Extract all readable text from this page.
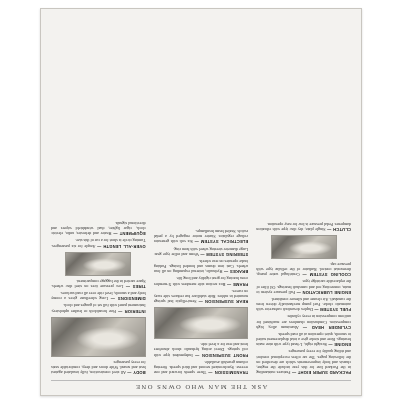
ASK THE MAN WHO OWNS ONE

PACKARD SUPER EIGHT — Features outstanding in the Packard line for this year include the engine, chassis and body improvements which are described on the following pages. The car offers exceptional comfort and riding quality for every passenger.

ENGINE — Straight eight, L-head type with nine main bearings. Bore and stroke give a total displacement suited to smooth, quiet operation at all road speeds.

CYLINDER HEAD — Aluminum alloy, high compression. Combustion chambers are machined for uniform compression in every cylinder.

FUEL SYSTEM — Duplex downdraft carburetor with automatic choke. Fuel pump mechanically driven from the camshaft. Air cleaner and silencer combined.

ENGINE LUBRICATION — Full pressure system to main, connecting rod and camshaft bearings. Oil filter of the replaceable cartridge type.

COOLING SYSTEM — Centrifugal water pump, thermostat control. Radiator of the cellular type with pressure cap.

CLUTCH — Single plate, dry disc type with vibration dampener. Pedal pressure is low for easy operation.

TRANSMISSION — Three speeds forward and one reverse. Synchronized second and third speeds. Steering column gearshift available.

FRONT SUSPENSION — Independent type with coil springs. Direct acting hydraulic shock absorbers front and rear for a level ride.

REAR SUSPENSION — Semi-elliptic leaf springs mounted in rubber. Ride stabilizer bar reduces side sway on curves.

FRAME — Box section side members with X-member cross bracing for great rigidity and long life.

BRAKES — Hydraulic, internal expanding on all four wheels. Cast iron drums and bonded linings. Parking brake operates on rear wheels.

STEERING SYSTEM — Worm and roller type gear. Large diameter steering wheel with horn ring.

ELECTRICAL SYSTEM — Six volt with generator voltage regulator. Starter motor engaged by a pedal switch. Sealed beam headlamps.

BODY — All steel construction, fully insulated against heat and sound. Wide doors and deep, comfortable seats for every passenger.

INTERIOR — Fine broadcloth or leather upholstery. Instrument panel with full set of gauges and clock.

DIMENSIONS — Long wheelbase gives a roomy body and a smooth, level ride over all road surfaces.

TIRES — Low pressure tires on steel disc wheels. Spare carried in the luggage compartment.

OVER-ALL LENGTH — Ample for six passengers. Turning circle is short for a car of this size.

EQUIPMENT — Heater and defroster, radio, electric clock, cigar lighter, dual windshield wipers and directional signals.
